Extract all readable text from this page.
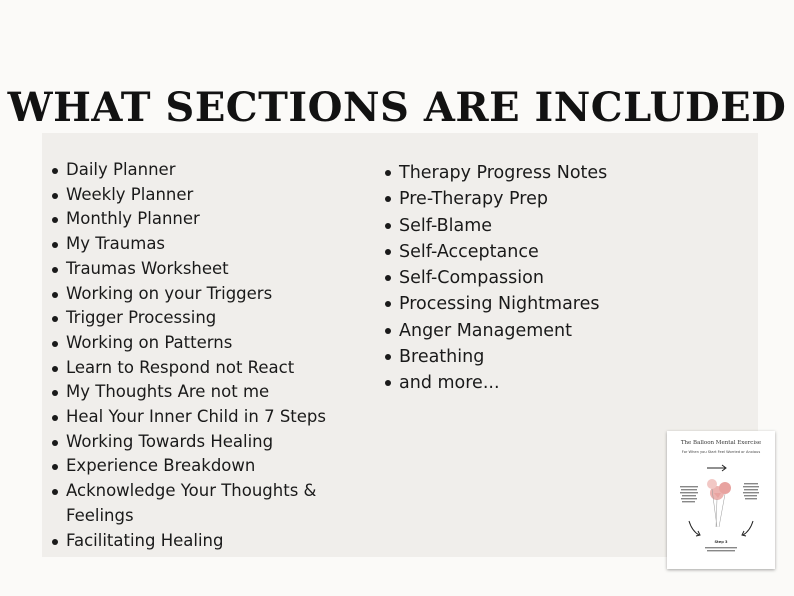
WHAT SECTIONS ARE INCLUDED
Daily Planner
Weekly Planner
Monthly Planner
My Traumas
Traumas Worksheet
Working on your Triggers
Trigger Processing
Working on Patterns
Learn to Respond not React
My Thoughts Are not me
Heal Your Inner Child in 7 Steps
Working Towards Healing
Experience Breakdown
Acknowledge Your Thoughts & Feelings
Facilitating Healing
Therapy Progress Notes
Pre-Therapy Prep
Self-Blame
Self-Acceptance
Self-Compassion
Processing Nightmares
Anger Management
Breathing
and more...
The Balloon Mental Exercise
For When you Start Feel Worried or Anxious
Step 3
